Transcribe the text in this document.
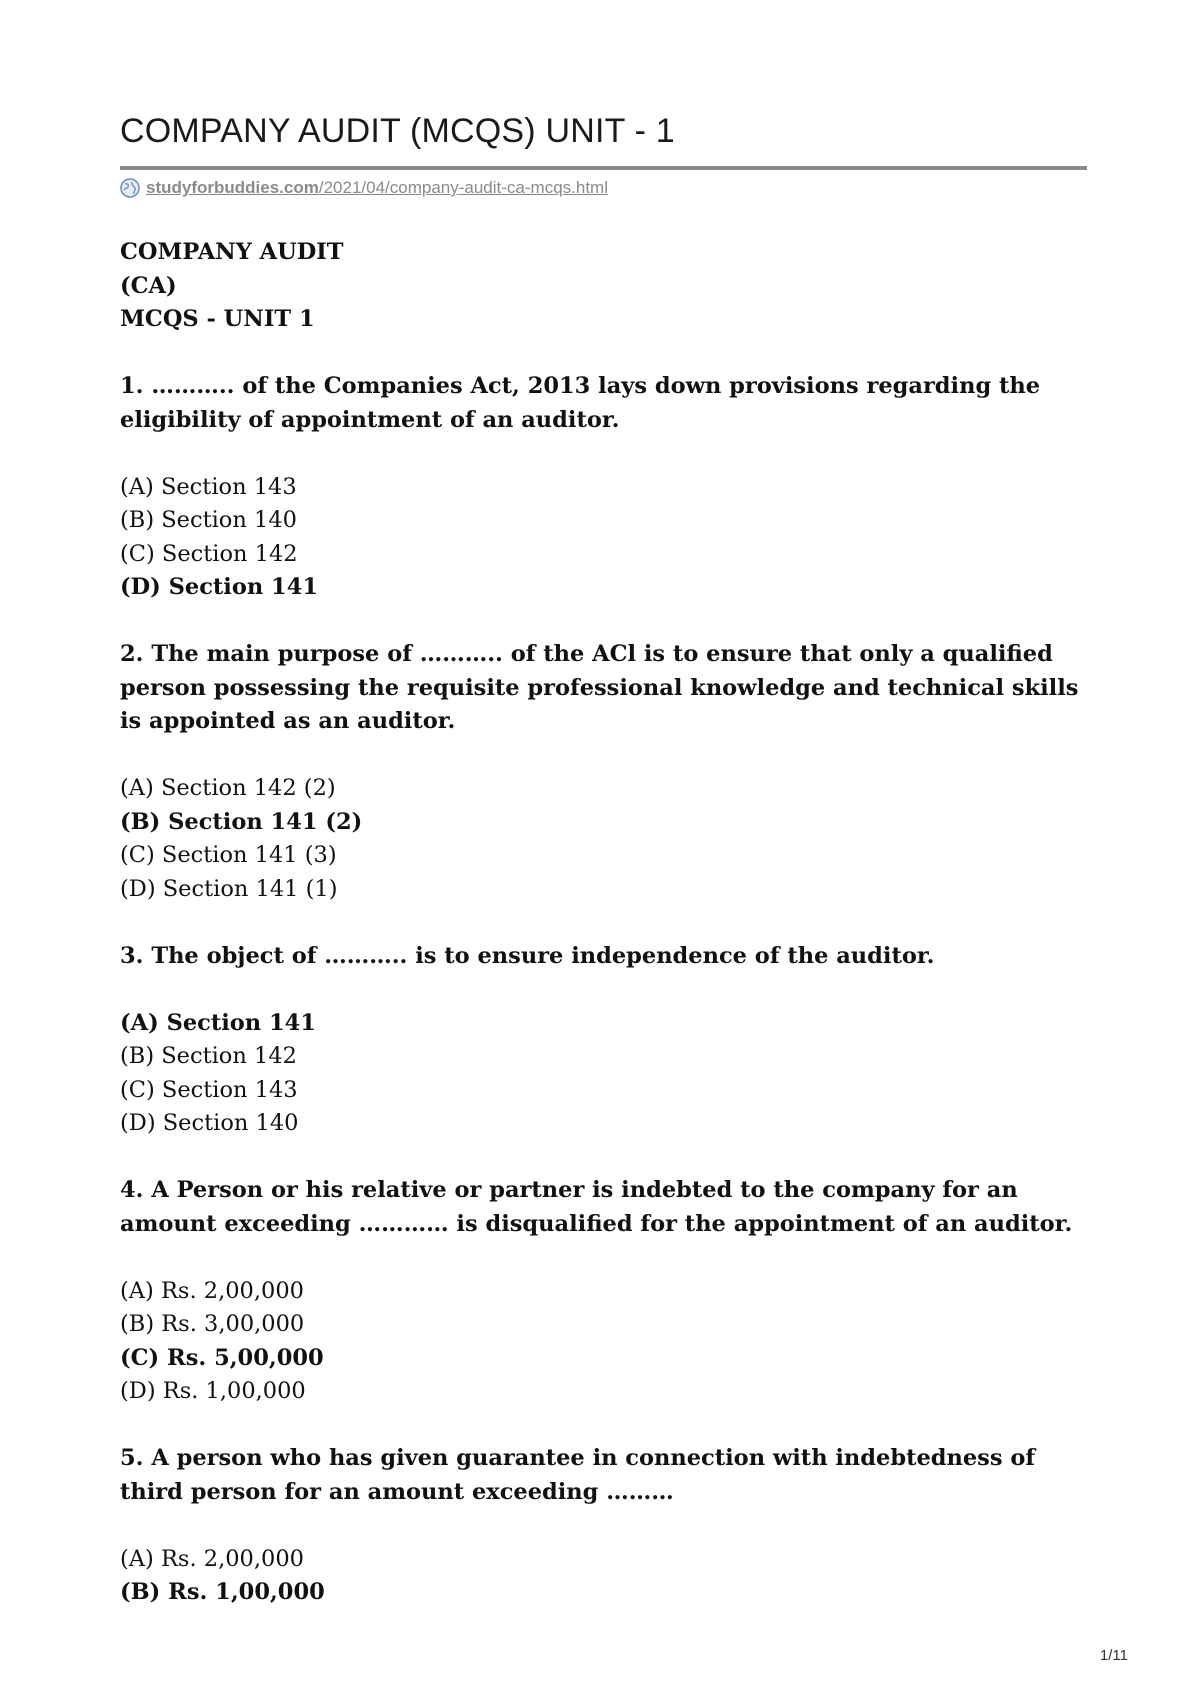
COMPANY AUDIT (MCQS) UNIT - 1
studyforbuddies.com/2021/04/company-audit-ca-mcqs.html
COMPANY AUDIT
(CA)
MCQS - UNIT 1
1. ……….. of the Companies Act, 2013 lays down provisions regarding the eligibility of appointment of an auditor.
(A) Section 143
(B) Section 140
(C) Section 142
(D) Section 141
2. The main purpose of ……….. of the ACl is to ensure that only a qualified person possessing the requisite professional knowledge and technical skills is appointed as an auditor.
(A) Section 142 (2)
(B) Section 141 (2)
(C) Section 141 (3)
(D) Section 141 (1)
3. The object of ……….. is to ensure independence of the auditor.
(A) Section 141
(B) Section 142
(C) Section 143
(D) Section 140
4. A Person or his relative or partner is indebted to the company for an amount exceeding ………… is disqualified for the appointment of an auditor.
(A) Rs. 2,00,000
(B) Rs. 3,00,000
(C) Rs. 5,00,000
(D) Rs. 1,00,000
5. A person who has given guarantee in connection with indebtedness of third person for an amount exceeding ………
(A) Rs. 2,00,000
(B) Rs. 1,00,000
1/11
